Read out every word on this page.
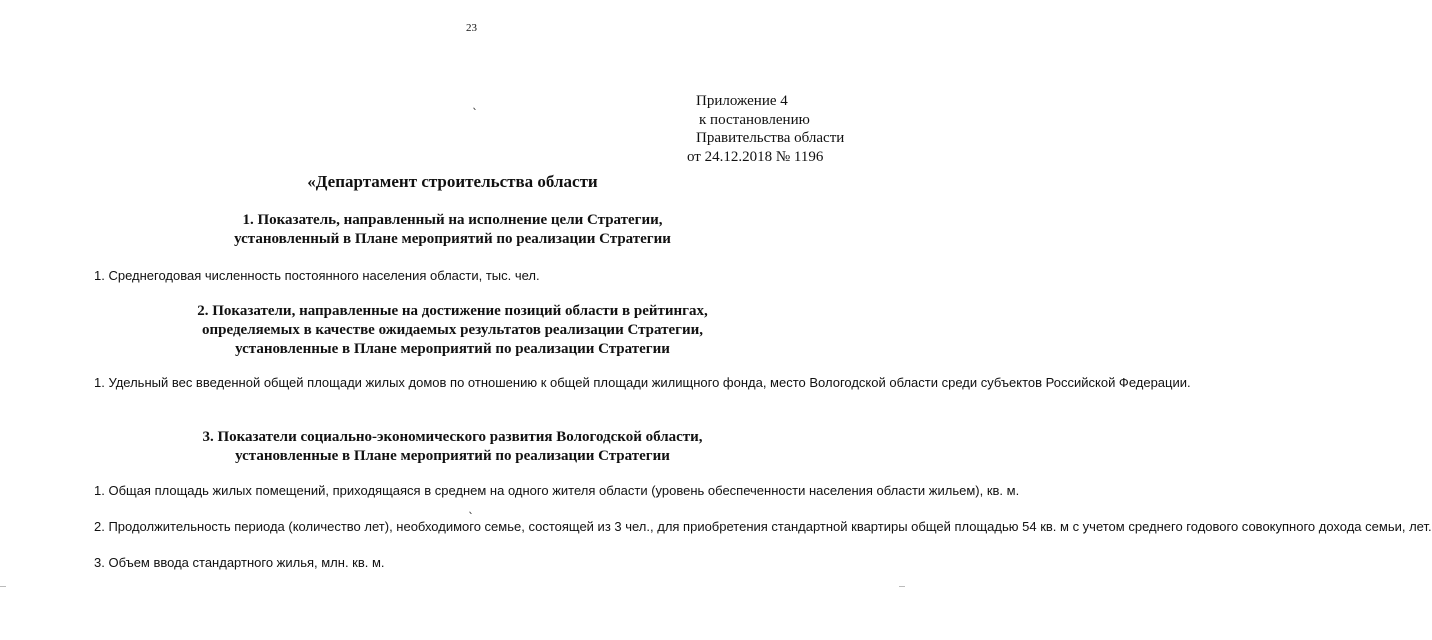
23
ˎ	Приложение 4
к постановлению
Правительства области
от 24.12.2018 № 1196
«Департамент строительства области
1. Показатель, направленный на исполнение цели Стратегии,
установленный в Плане мероприятий по реализации Стратегии
1. Среднегодовая численность постоянного населения области, тыс. чел.
2. Показатели, направленные на достижение позиций области в рейтингах,
определяемых в качестве ожидаемых результатов реализации Стратегии,
установленные в Плане мероприятий по реализации Стратегии
1. Удельный вес введенной общей площади жилых домов по отношению к общей площади жилищного фонда, место Вологодской области среди субъектов Российской Федерации.
3. Показатели социально-экономического развития Вологодской области,
установленные в Плане мероприятий по реализации Стратегии
1. Общая площадь жилых помещений, приходящаяся в среднем на одного жителя области (уровень обеспеченности населения области жильем), кв. м.
2. Продолжительность периода (количество лет), необходимого семье, состоящей из 3 чел., для приобретения стандартной квартиры общей площадью 54 кв. м с учетом среднего годового совокупного дохода семьи, лет.
3. Объем ввода стандартного жилья, млн. кв. м.
ˎ
